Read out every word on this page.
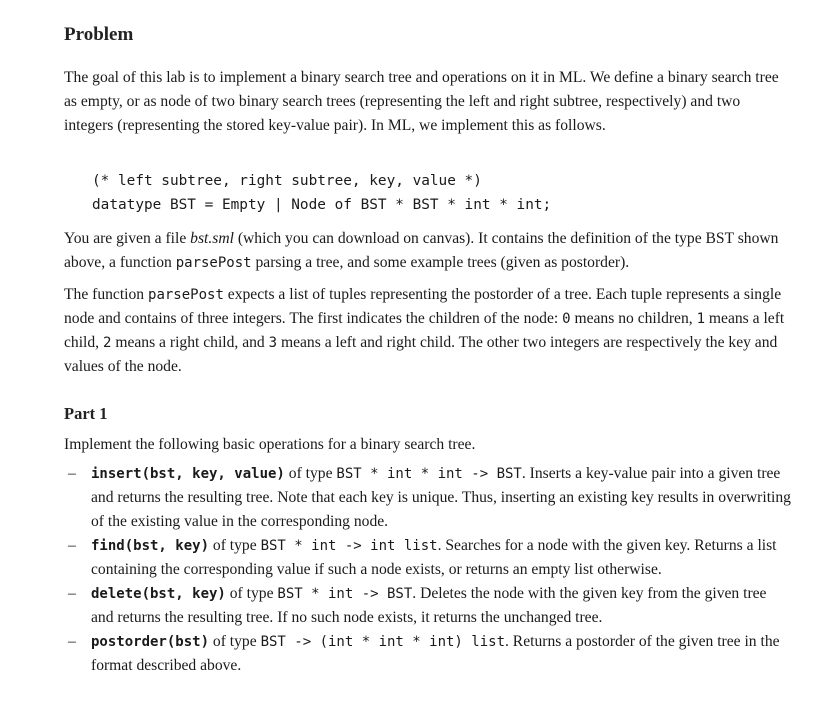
Problem

The goal of this lab is to implement a binary search tree and operations on it in ML. We define a binary search tree as empty, or as node of two binary search trees (representing the left and right subtree, respectively) and two integers (representing the stored key-value pair). In ML, we implement this as follows.

(* left subtree, right subtree, key, value *)
datatype BST = Empty | Node of BST * BST * int * int;

You are given a file bst.sml (which you can download on canvas). It contains the definition of the type BST shown above, a function parsePost parsing a tree, and some example trees (given as postorder).

The function parsePost expects a list of tuples representing the postorder of a tree. Each tuple represents a single node and contains of three integers. The first indicates the children of the node: 0 means no children, 1 means a left child, 2 means a right child, and 3 means a left and right child. The other two integers are respectively the key and values of the node.

Part 1

Implement the following basic operations for a binary search tree.

– insert(bst, key, value) of type BST * int * int -> BST. Inserts a key-value pair into a given tree and returns the resulting tree. Note that each key is unique. Thus, inserting an existing key results in overwriting of the existing value in the corresponding node.
– find(bst, key) of type BST * int -> int list. Searches for a node with the given key. Returns a list containing the corresponding value if such a node exists, or returns an empty list otherwise.
– delete(bst, key) of type BST * int -> BST. Deletes the node with the given key from the given tree and returns the resulting tree. If no such node exists, it returns the unchanged tree.
– postorder(bst) of type BST -> (int * int * int) list. Returns a postorder of the given tree in the format described above.
